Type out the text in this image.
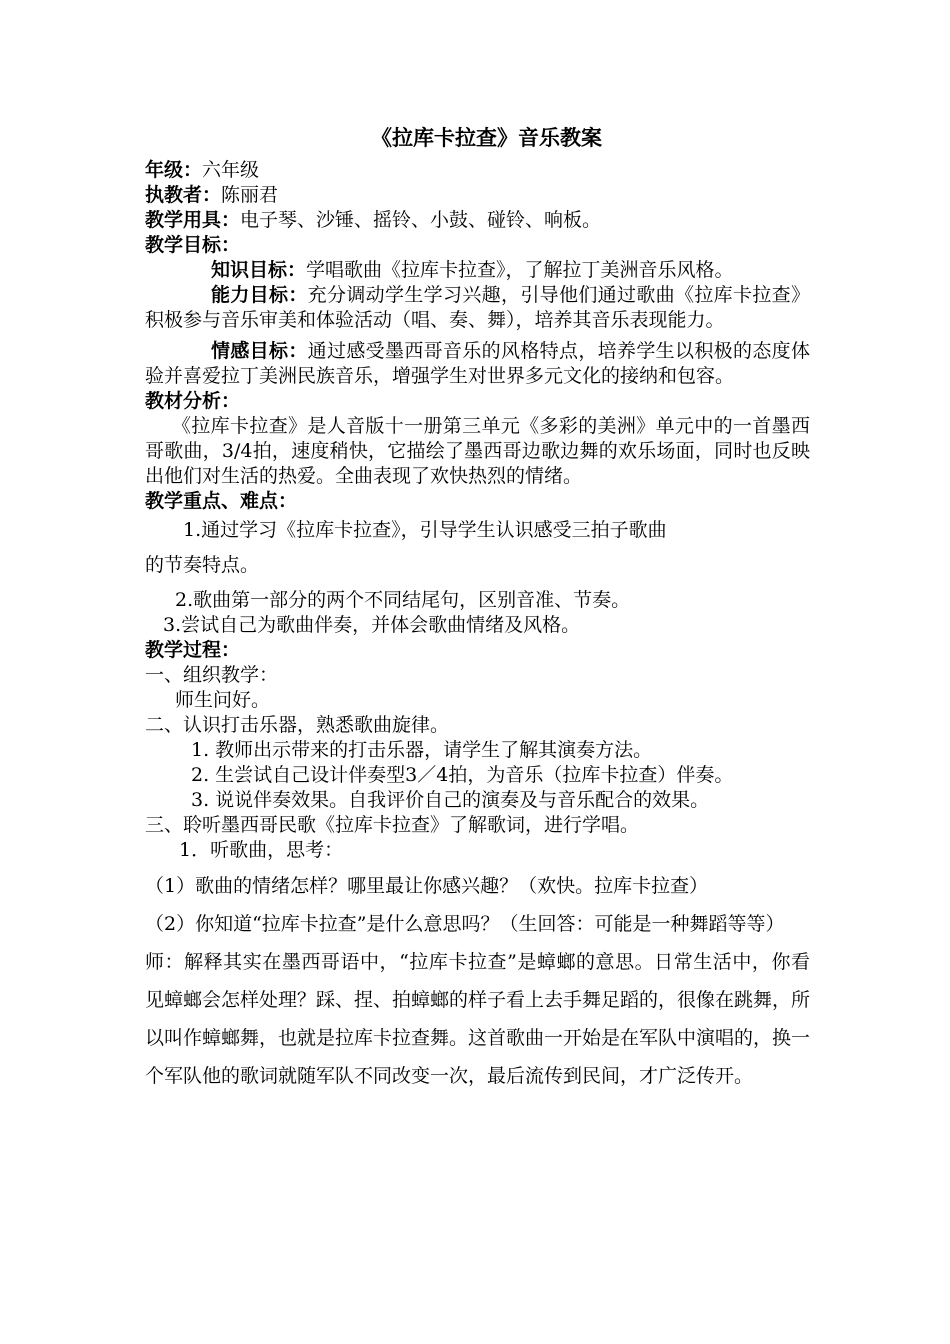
《拉库卡拉查》音乐教案
年级：六年级
执教者：陈丽君
教学用具：电子琴、沙锤、摇铃、小鼓、碰铃、响板。
教学目标：
知识目标：学唱歌曲《拉库卡拉查》，了解拉丁美洲音乐风格。
能力目标：充分调动学生学习兴趣，引导他们通过歌曲《拉库卡拉查》积极参与音乐审美和体验活动（唱、奏、舞），培养其音乐表现能力。
情感目标：通过感受墨西哥音乐的风格特点，培养学生以积极的态度体验并喜爱拉丁美洲民族音乐，增强学生对世界多元文化的接纳和包容。
教材分析：
《拉库卡拉查》是人音版十一册第三单元《多彩的美洲》单元中的一首墨西哥歌曲，3/4拍，速度稍快，它描绘了墨西哥边歌边舞的欢乐场面，同时也反映出他们对生活的热爱。全曲表现了欢快热烈的情绪。
教学重点、难点：
1.通过学习《拉库卡拉查》，引导学生认识感受三拍子歌曲
的节奏特点。
2.歌曲第一部分的两个不同结尾句，区别音准、节奏。
3.尝试自己为歌曲伴奏，并体会歌曲情绪及风格。
教学过程：
一、组织教学：
师生问好。
二、认识打击乐器，熟悉歌曲旋律。
1. 教师出示带来的打击乐器，请学生了解其演奏方法。
2. 生尝试自己设计伴奏型3／4拍，为音乐（拉库卡拉查）伴奏。
3. 说说伴奏效果。自我评价自己的演奏及与音乐配合的效果。
三、聆听墨西哥民歌《拉库卡拉查》了解歌词，进行学唱。
1．听歌曲，思考：
（1）歌曲的情绪怎样？哪里最让你感兴趣？（欢快。拉库卡拉查）
（2）你知道“拉库卡拉查”是什么意思吗？（生回答：可能是一种舞蹈等等）
师：解释其实在墨西哥语中，“拉库卡拉查”是蟑螂的意思。日常生活中，你看见蟑螂会怎样处理？踩、捏、拍蟑螂的样子看上去手舞足蹈的，很像在跳舞，所以叫作蟑螂舞，也就是拉库卡拉查舞。这首歌曲一开始是在军队中演唱的，换一个军队他的歌词就随军队不同改变一次，最后流传到民间，才广泛传开。
